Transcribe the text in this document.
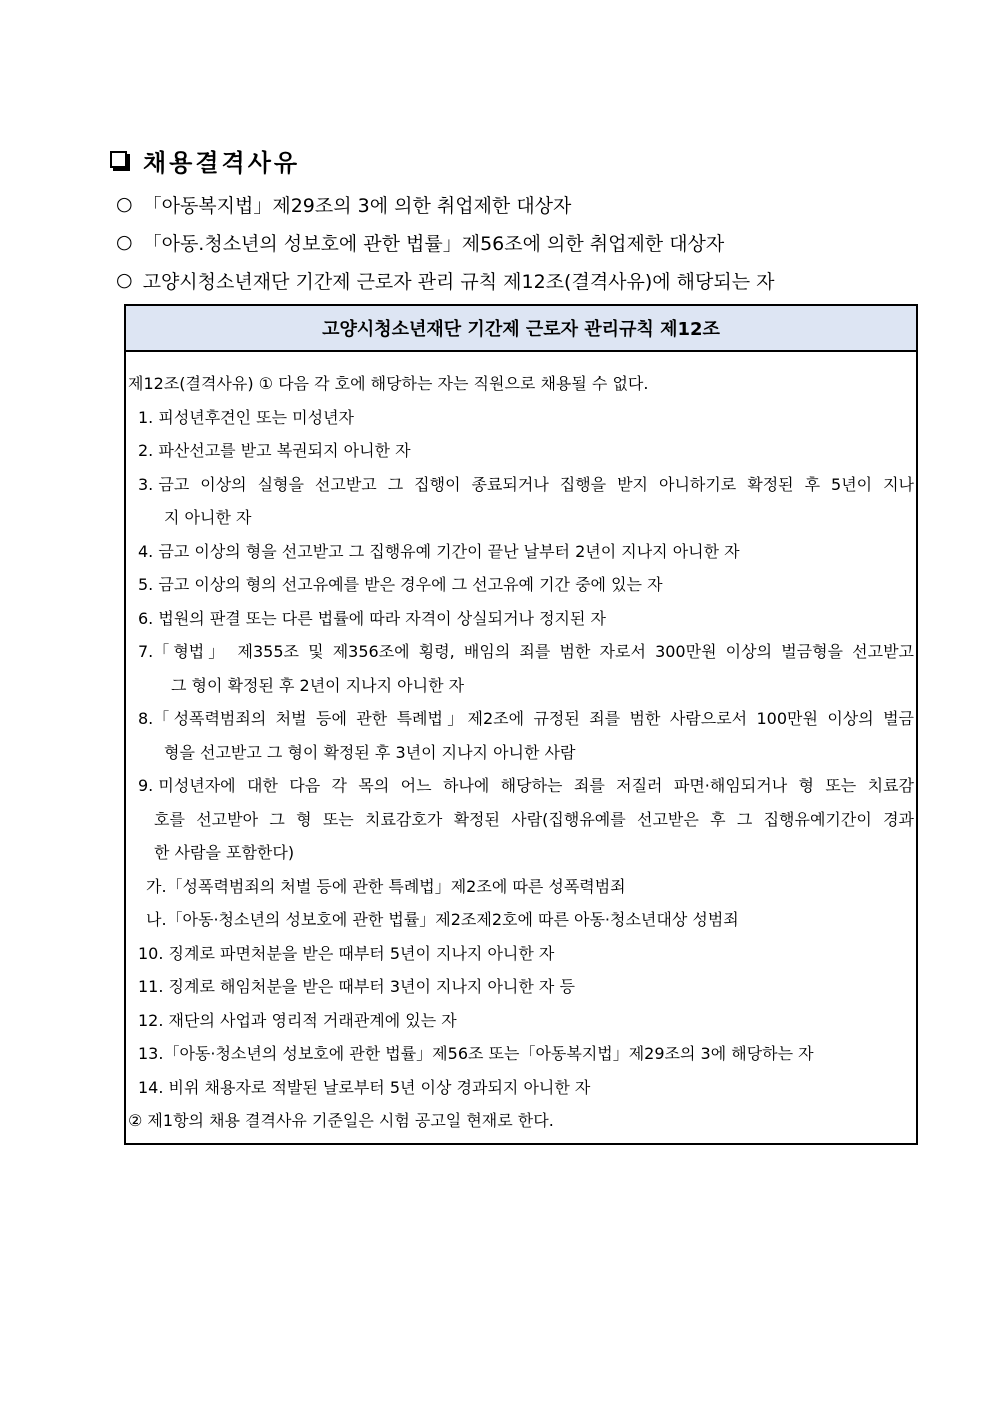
채용결격사유
○ 「아동복지법」제29조의 3에 의한 취업제한 대상자
○ 「아동.청소년의 성보호에 관한 법률」제56조에 의한 취업제한 대상자
○ 고양시청소년재단 기간제 근로자 관리 규칙 제12조(결격사유)에 해당되는 자
고양시청소년재단 기간제 근로자 관리규칙 제12조
제12조(결격사유) ① 다음 각 호에 해당하는 자는 직원으로 채용될 수 없다.
1.
피성년후견인 또는 미성년자
2.
파산선고를 받고 복권되지 아니한 자
3.
금고 이상의 실형을 선고받고 그 집행이 종료되거나 집행을 받지 아니하기로 확정된 후 5년이 지나
지 아니한 자
4.
금고 이상의 형을 선고받고 그 집행유예 기간이 끝난 날부터 2년이 지나지 아니한 자
5.
금고 이상의 형의 선고유예를 받은 경우에 그 선고유예 기간 중에 있는 자
6.
법원의 판결 또는 다른 법률에 따라 자격이 상실되거나 정지된 자
7. 「형법」 제355조 및 제356조에 횡령, 배임의 죄를 범한 자로서 300만원 이상의 벌금형을 선고받고
그 형이 확정된 후 2년이 지나지 아니한 자
8. 「성폭력범죄의 처벌 등에 관한 특례법」제2조에 규정된 죄를 범한 사람으로서 100만원 이상의 벌금
형을 선고받고 그 형이 확정된 후 3년이 지나지 아니한 사람
9.
미성년자에 대한 다음 각 목의 어느 하나에 해당하는 죄를 저질러 파면·해임되거나 형 또는 치료감
호를 선고받아 그 형 또는 치료감호가 확정된 사람(집행유예를 선고받은 후 그 집행유예기간이 경과
한 사람을 포함한다)
가. 「성폭력범죄의 처벌 등에 관한 특례법」제2조에 따른 성폭력범죄
나. 「아동·청소년의 성보호에 관한 법률」제2조제2호에 따른 아동·청소년대상 성범죄
10.
징계로 파면처분을 받은 때부터 5년이 지나지 아니한 자
11.
징계로 해임처분을 받은 때부터 3년이 지나지 아니한 자 등
12.
재단의 사업과 영리적 거래관계에 있는 자
13. 「아동·청소년의 성보호에 관한 법률」제56조 또는「아동복지법」제29조의 3에 해당하는 자
14.
비위 채용자로 적발된 날로부터 5년 이상 경과되지 아니한 자
② 제1항의 채용 결격사유 기준일은 시험 공고일 현재로 한다.
